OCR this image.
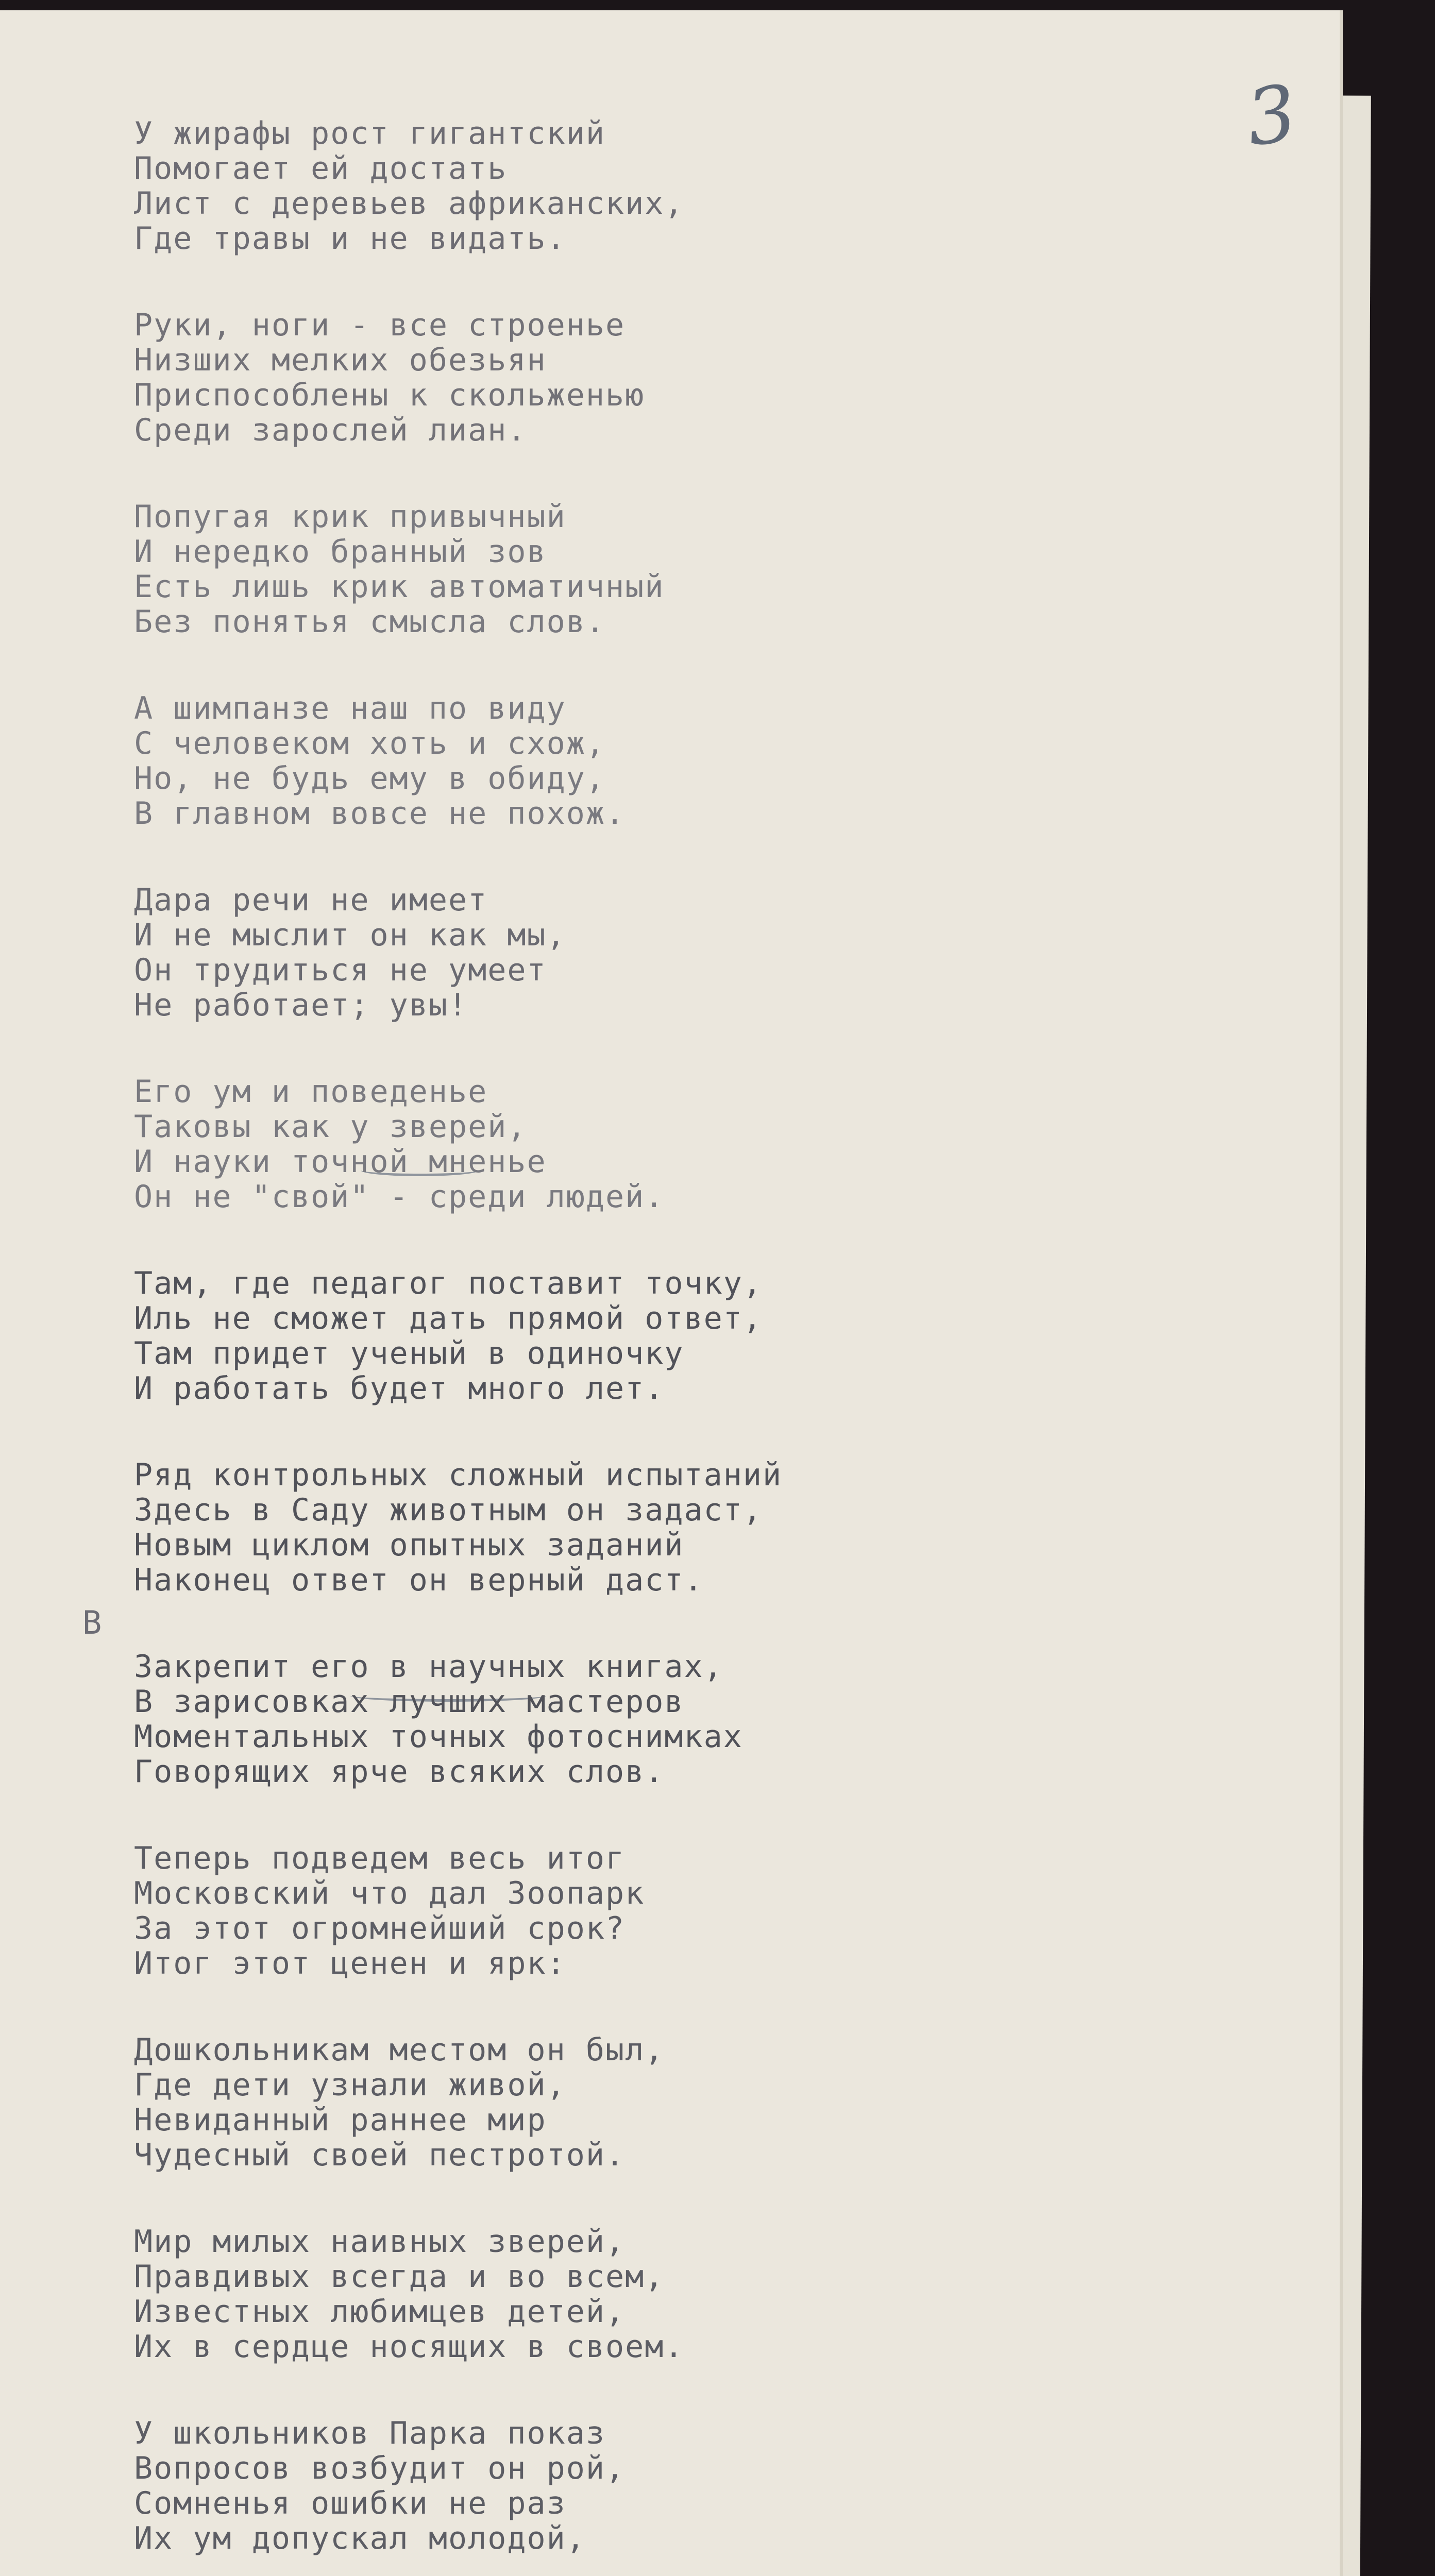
3
В
У жирафы рост гигантский
Помогает ей достать
Лист с деревьев африканских,
Где травы и не видать.
Руки, ноги - все строенье
Низших мелких обезьян
Приспособлены к скольженью
Среди зарослей лиан.
Попугая крик привычный
И нередко бранный зов
Есть лишь крик автоматичный
Без понятья смысла слов.
А шимпанзе наш по виду
С человеком хоть и схож,
Но, не будь ему в обиду,
В главном вовсе не похож.
Дара речи не имеет
И не мыслит он как мы,
Он трудиться не умеет
Не работает; увы!
Его ум и поведенье
Таковы как у зверей,
И науки точной мненье
Он не "свой" - среди людей.
Там, где педагог поставит точку,
Иль не сможет дать прямой ответ,
Там придет ученый в одиночку
И работать будет много лет.
Ряд контрольных сложный испытаний
Здесь в Саду животным он задаст,
Новым циклом опытных заданий
Наконец ответ он верный даст.
Закрепит его в научных книгах,
В зарисовках лучших мастеров
Моментальных точных фотоснимках
Говорящих ярче всяких слов.
Теперь подведем весь итог
Московский что дал Зоопарк
За этот огромнейший срок?
Итог этот ценен и ярк:
Дошкольникам местом он был,
Где дети узнали живой,
Невиданный раннее мир
Чудесный своей пестротой.
Мир милых наивных зверей,
Правдивых всегда и во всем,
Известных любимцев детей,
Их в сердце носящих в своем.
У школьников Парка показ
Вопросов возбудит он рой,
Сомненья ошибки не раз
Их ум допускал молодой,
